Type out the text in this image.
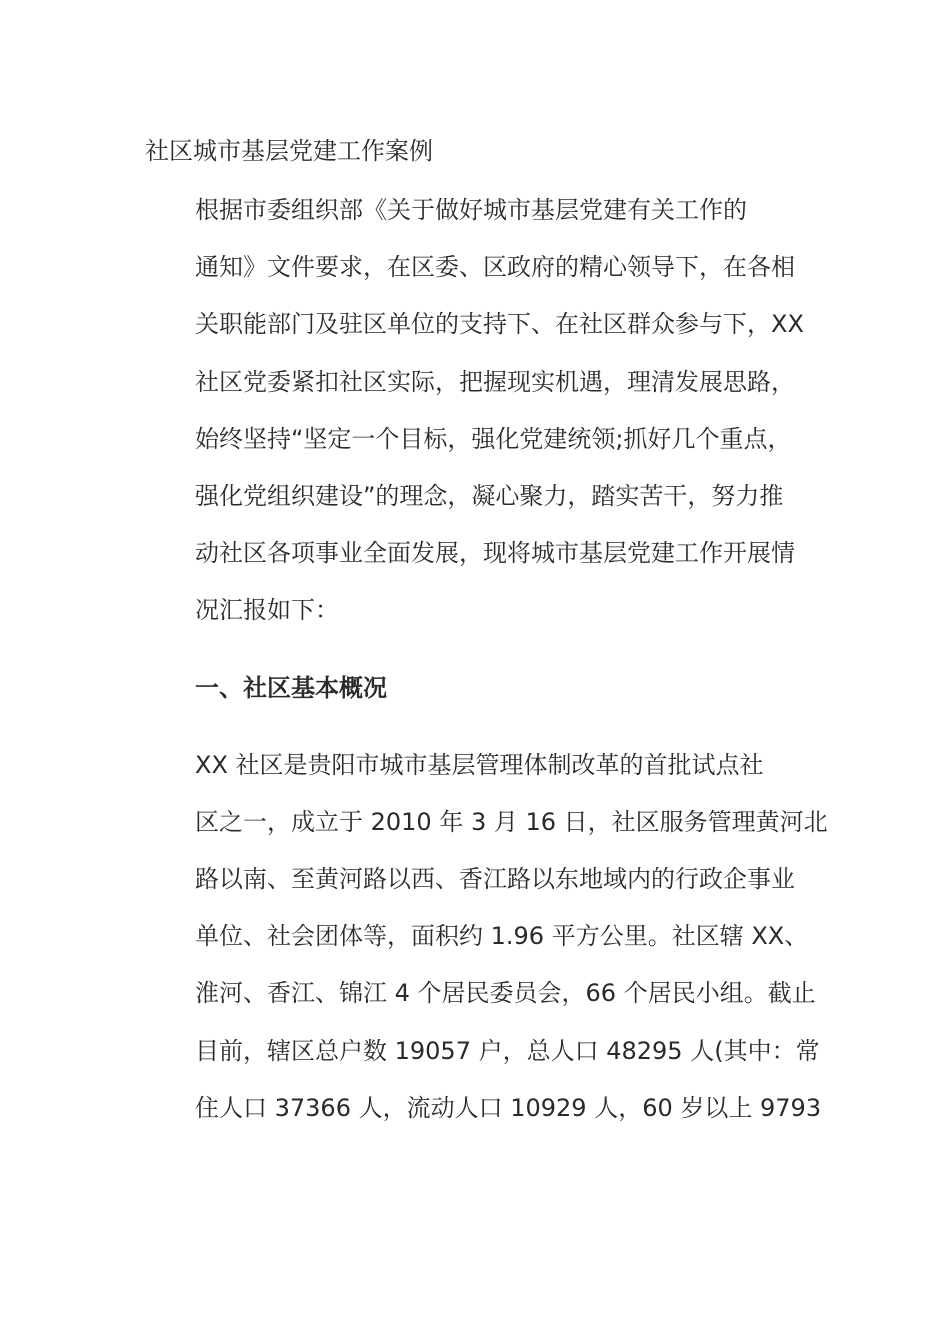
社区城市基层党建工作案例

根据市委组织部《关于做好城市基层党建有关工作的
通知》文件要求，在区委、区政府的精心领导下，在各相
关职能部门及驻区单位的支持下、在社区群众参与下，XX
社区党委紧扣社区实际，把握现实机遇，理清发展思路，
始终坚持“坚定一个目标，强化党建统领;抓好几个重点，
强化党组织建设”的理念，凝心聚力，踏实苦干，努力推
动社区各项事业全面发展，现将城市基层党建工作开展情
况汇报如下：

一、社区基本概况

XX 社区是贵阳市城市基层管理体制改革的首批试点社
区之一，成立于 2010 年 3 月 16 日，社区服务管理黄河北
路以南、至黄河路以西、香江路以东地域内的行政企事业
单位、社会团体等，面积约 1.96 平方公里。社区辖 XX、
淮河、香江、锦江 4 个居民委员会，66 个居民小组。截止
目前，辖区总户数 19057 户，总人口 48295 人(其中：常
住人口 37366 人，流动人口 10929 人，60 岁以上 9793
